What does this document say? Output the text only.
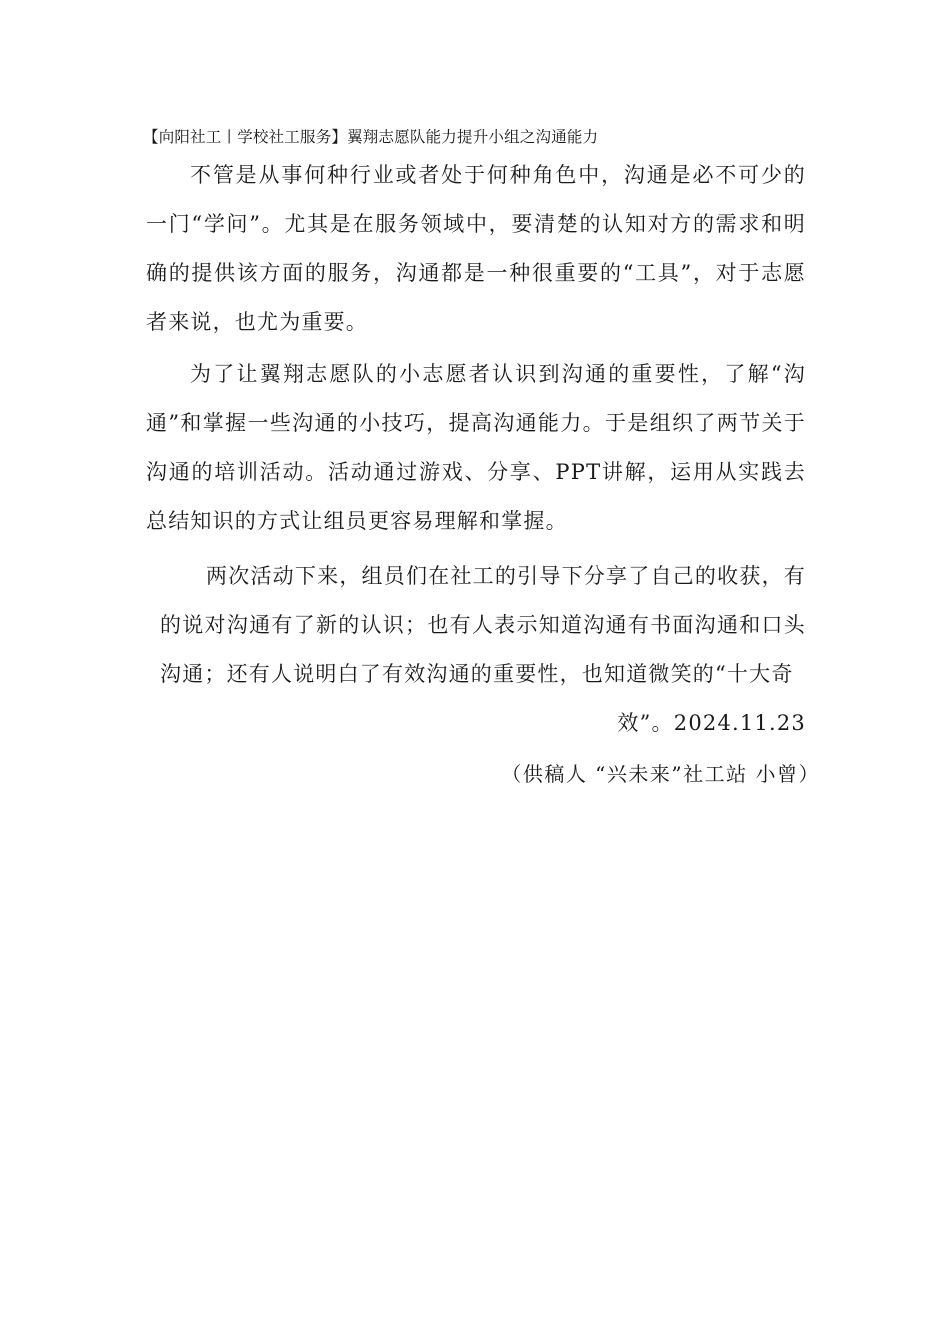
【向阳社工丨学校社工服务】翼翔志愿队能力提升小组之沟通能力

不管是从事何种行业或者处于何种角色中，沟通是必不可少的一门“学问”。尤其是在服务领域中，要清楚的认知对方的需求和明确的提供该方面的服务，沟通都是一种很重要的“工具”，对于志愿者来说，也尤为重要。

为了让翼翔志愿队的小志愿者认识到沟通的重要性，了解“沟通”和掌握一些沟通的小技巧，提高沟通能力。于是组织了两节关于沟通的培训活动。活动通过游戏、分享、PPT讲解，运用从实践去总结知识的方式让组员更容易理解和掌握。

两次活动下来，组员们在社工的引导下分享了自己的收获，有的说对沟通有了新的认识；也有人表示知道沟通有书面沟通和口头沟通；还有人说明白了有效沟通的重要性，也知道微笑的“十大奇

效”。2024.11.23
（供稿人 “兴未来”社工站 小曾）
